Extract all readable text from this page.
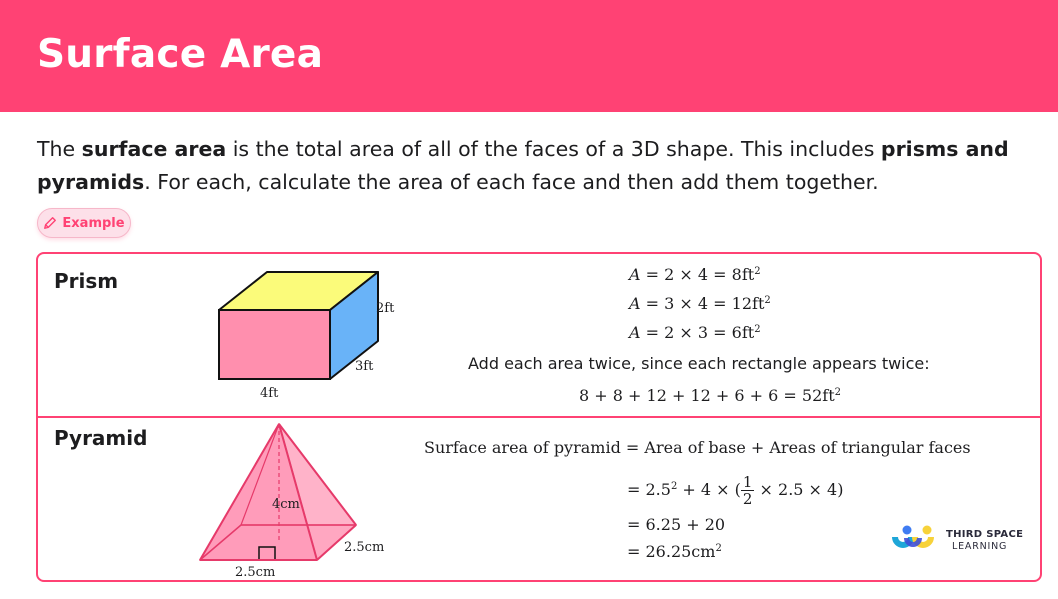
Surface Area

The surface area is the total area of all of the faces of a 3D shape. This includes prisms and pyramids. For each, calculate the area of each face and then add them together.

Example
Prism
2ft
3ft
4ft
$A = 2 \times 4 = 8ft^2$
$A = 3 \times 4 = 12ft^2$
$A = 2 \times 3 = 6ft^2$
Add each area twice, since each rectangle appears twice:
$8 + 8 + 12 + 12 + 6 + 6 = 52ft^2$
Pyramid
4cm
2.5cm
2.5cm
Surface area of pyramid = Area of base + Areas of triangular faces
= $2.5^2 + 4$ × ( $\frac{1}{2} \times 2.5 \times 4$)
= 6.25 + 20
= $26.25cm^2$
THIRD SPACE
LEARNING
